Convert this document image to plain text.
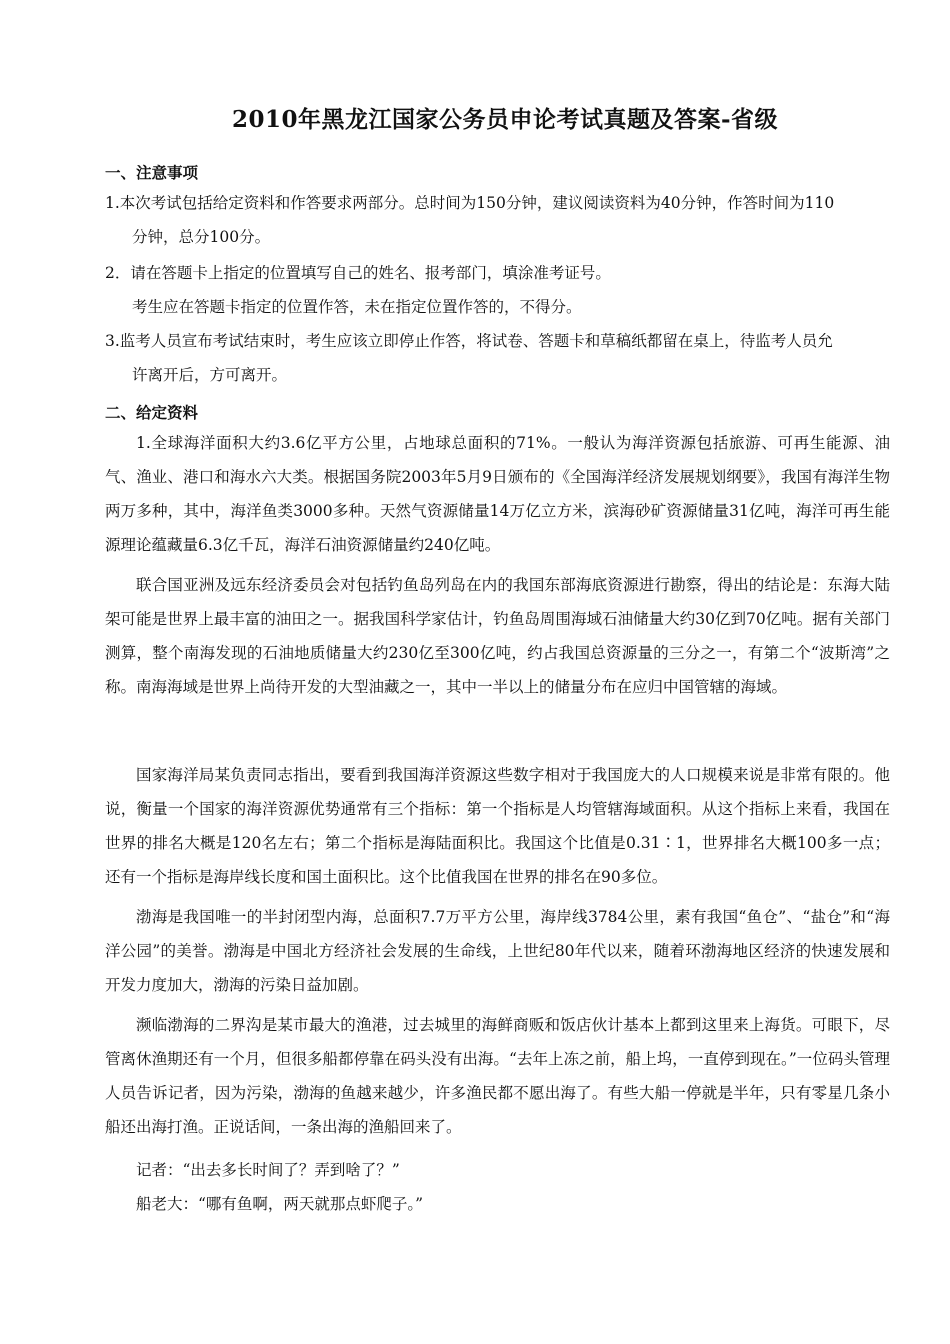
2010年黑龙江国家公务员申论考试真题及答案-省级
一、注意事项
1.本次考试包括给定资料和作答要求两部分。总时间为150分钟，建议阅读资料为40分钟，作答时间为110
分钟，总分100分。
2．请在答题卡上指定的位置填写自己的姓名、报考部门，填涂准考证号。
考生应在答题卡指定的位置作答，未在指定位置作答的，不得分。
3.监考人员宣布考试结束时，考生应该立即停止作答，将试卷、答题卡和草稿纸都留在桌上，待监考人员允
许离开后，方可离开。
二、给定资料
1.全球海洋面积大约3.6亿平方公里，占地球总面积的71%。一般认为海洋资源包括旅游、可再生能源、油气、渔业、港口和海水六大类。根据国务院2003年5月9日颁布的《全国海洋经济发展规划纲要》，我国有海洋生物两万多种，其中，海洋鱼类3000多种。天然气资源储量14万亿立方米，滨海砂矿资源储量31亿吨，海洋可再生能源理论蕴藏量6.3亿千瓦，海洋石油资源储量约240亿吨。
联合国亚洲及远东经济委员会对包括钓鱼岛列岛在内的我国东部海底资源进行勘察，得出的结论是：东海大陆架可能是世界上最丰富的油田之一。据我国科学家估计，钓鱼岛周围海域石油储量大约30亿到70亿吨。据有关部门测算，整个南海发现的石油地质储量大约230亿至300亿吨，约占我国总资源量的三分之一，有第二个“波斯湾”之称。南海海域是世界上尚待开发的大型油藏之一，其中一半以上的储量分布在应归中国管辖的海域。
国家海洋局某负责同志指出，要看到我国海洋资源这些数字相对于我国庞大的人口规模来说是非常有限的。他说，衡量一个国家的海洋资源优势通常有三个指标：第一个指标是人均管辖海域面积。从这个指标上来看，我国在世界的排名大概是120名左右；第二个指标是海陆面积比。我国这个比值是0.31∶1，世界排名大概100多一点；还有一个指标是海岸线长度和国土面积比。这个比值我国在世界的排名在90多位。
渤海是我国唯一的半封闭型内海，总面积7.7万平方公里，海岸线3784公里，素有我国“鱼仓”、“盐仓”和“海洋公园”的美誉。渤海是中国北方经济社会发展的生命线，上世纪80年代以来，随着环渤海地区经济的快速发展和开发力度加大，渤海的污染日益加剧。
濒临渤海的二界沟是某市最大的渔港，过去城里的海鲜商贩和饭店伙计基本上都到这里来上海货。可眼下，尽管离休渔期还有一个月，但很多船都停靠在码头没有出海。“去年上冻之前，船上坞，一直停到现在。”一位码头管理人员告诉记者，因为污染，渤海的鱼越来越少，许多渔民都不愿出海了。有些大船一停就是半年，只有零星几条小船还出海打渔。正说话间，一条出海的渔船回来了。
记者：“出去多长时间了？弄到啥了？”
船老大：“哪有鱼啊，两天就那点虾爬子。”
